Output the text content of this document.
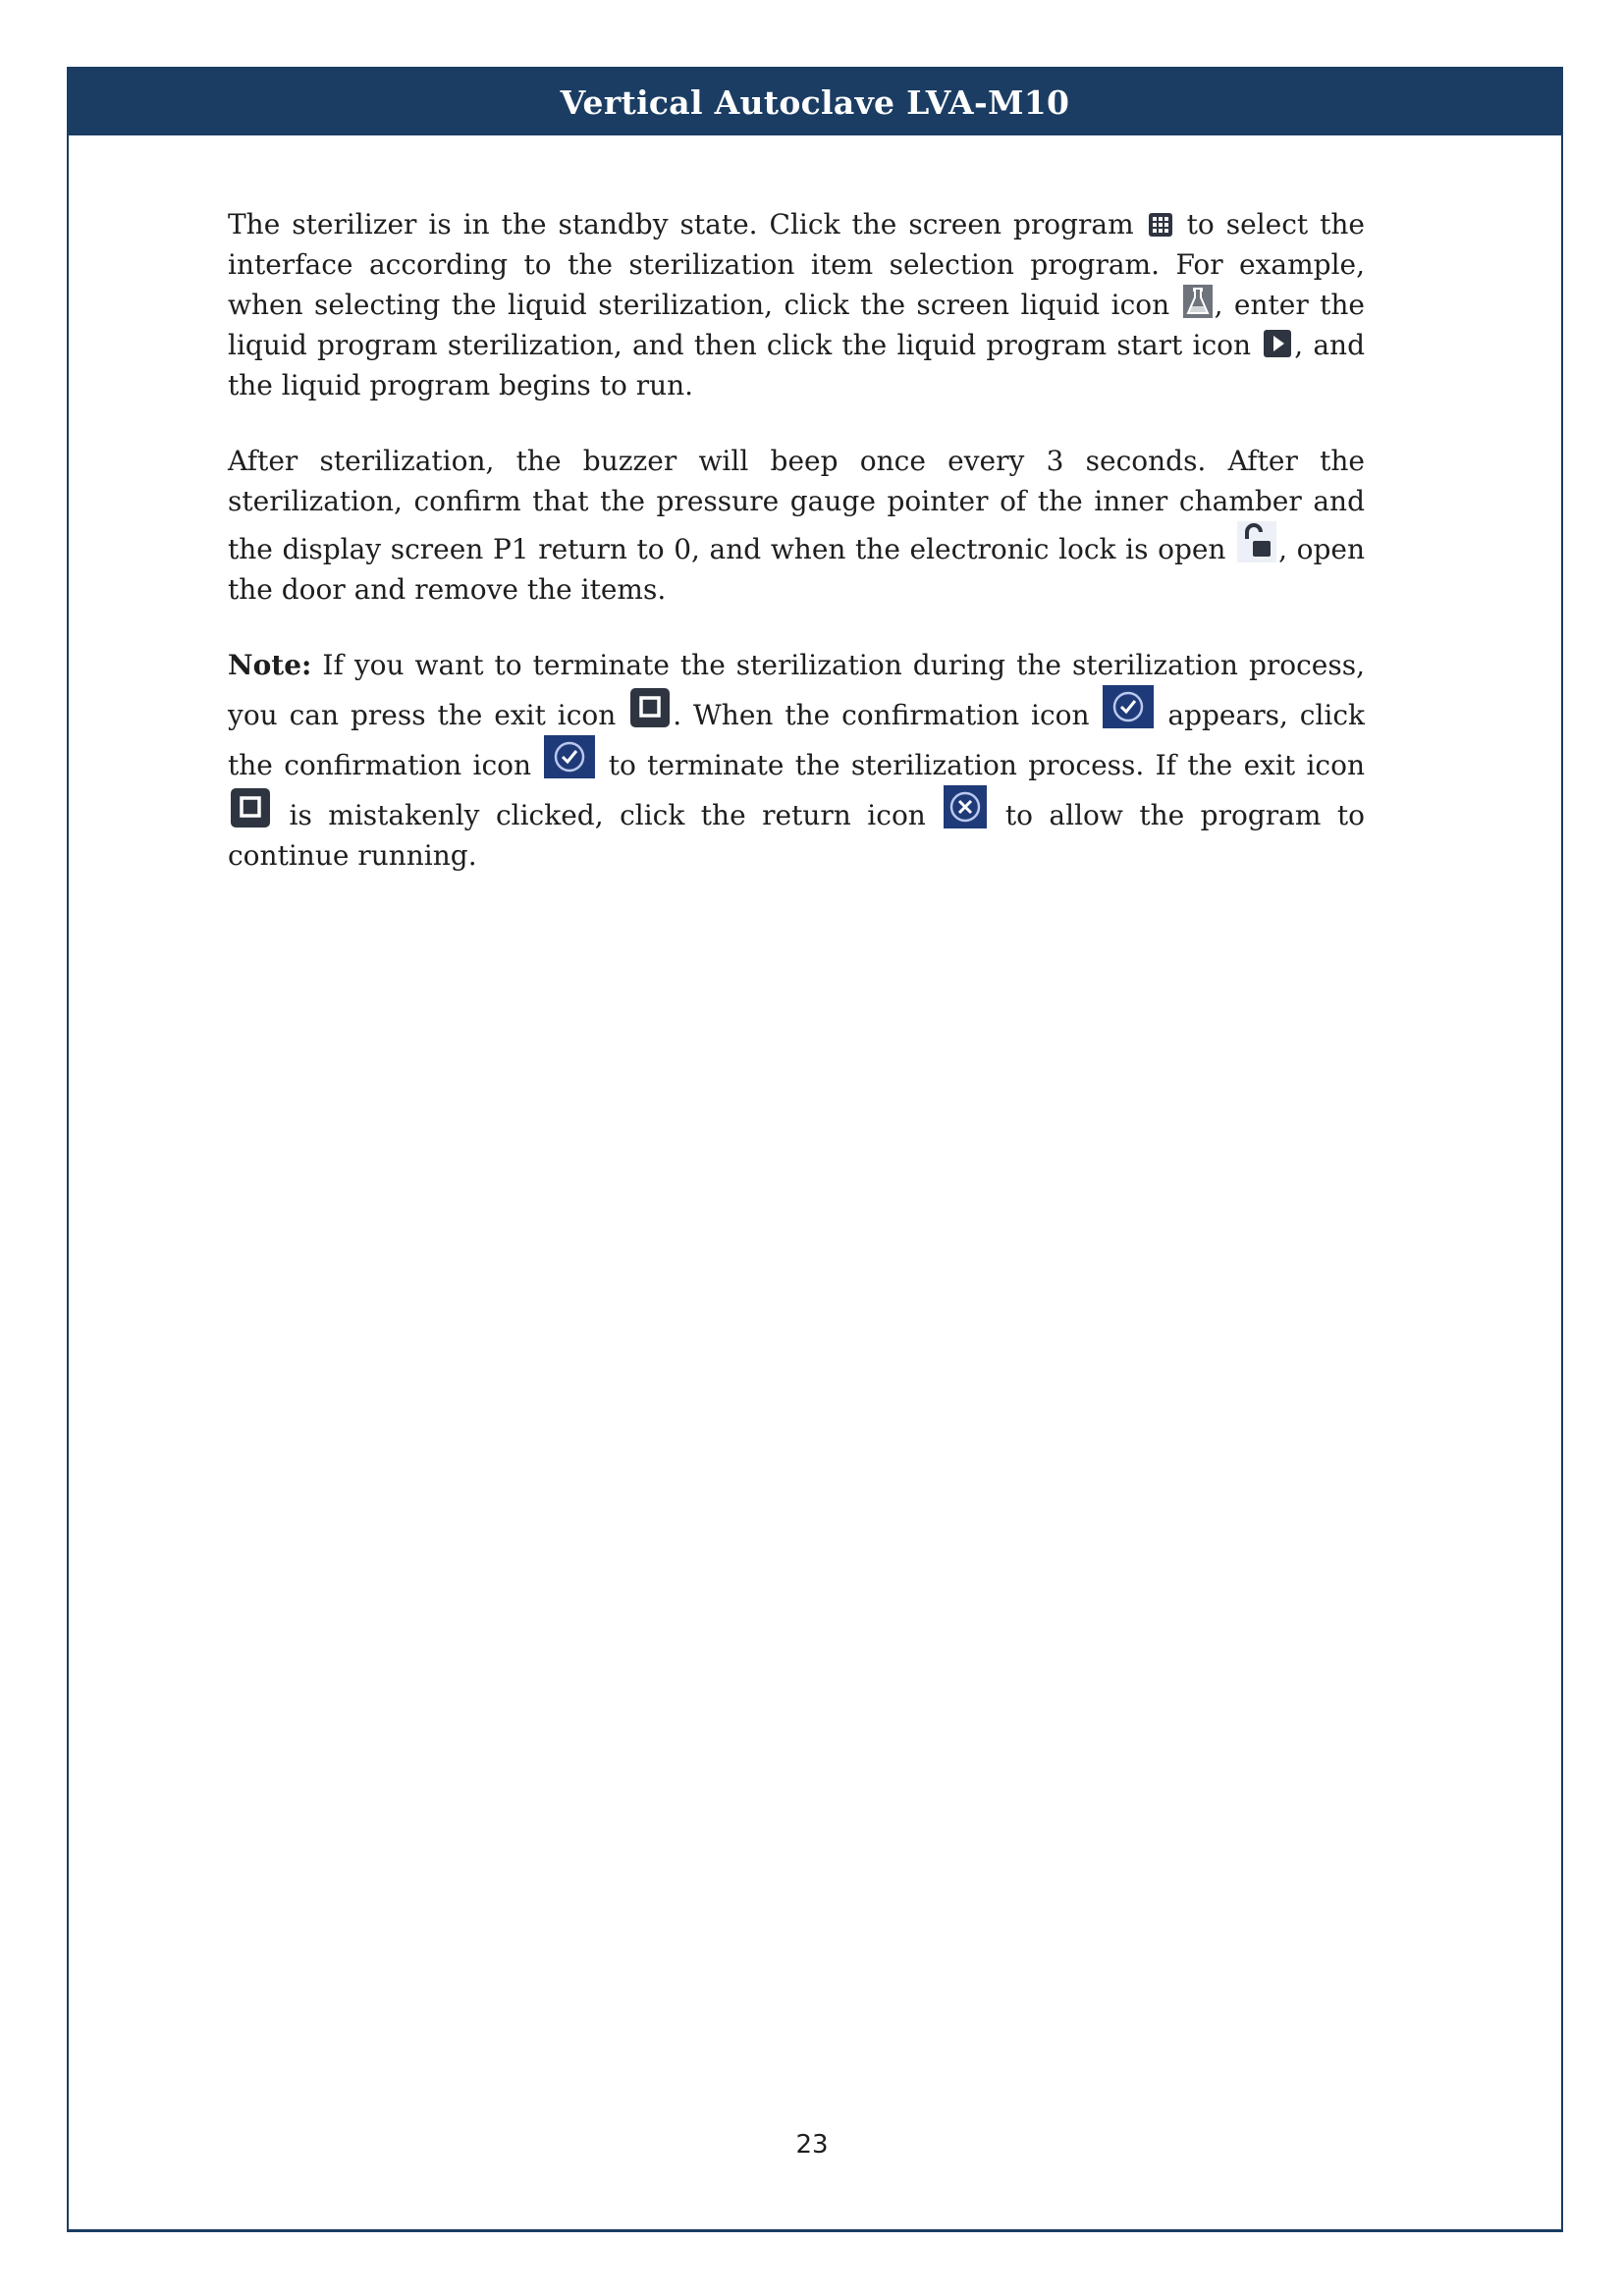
Vertical Autoclave LVA-M10

The sterilizer is in the standby state. Click the screen program
to select the interface according to the sterilization item selection program. For example, when selecting the liquid sterilization, click the screen liquid icon
, enter the liquid program sterilization, and then click the liquid program start icon
, and the liquid program begins to run.

After sterilization, the buzzer will beep once every 3 seconds. After the sterilization, confirm that the pressure gauge pointer of the inner chamber and the display screen P1 return to 0, and when the electronic lock is open
, open the door and remove the items.

Note: If you want to terminate the sterilization during the sterilization process, you can press the exit icon
. When the confirmation icon
appears, click the confirmation icon
to terminate the sterilization process. If the exit icon
is mistakenly clicked, click the return icon
to allow the program to continue running.

23
